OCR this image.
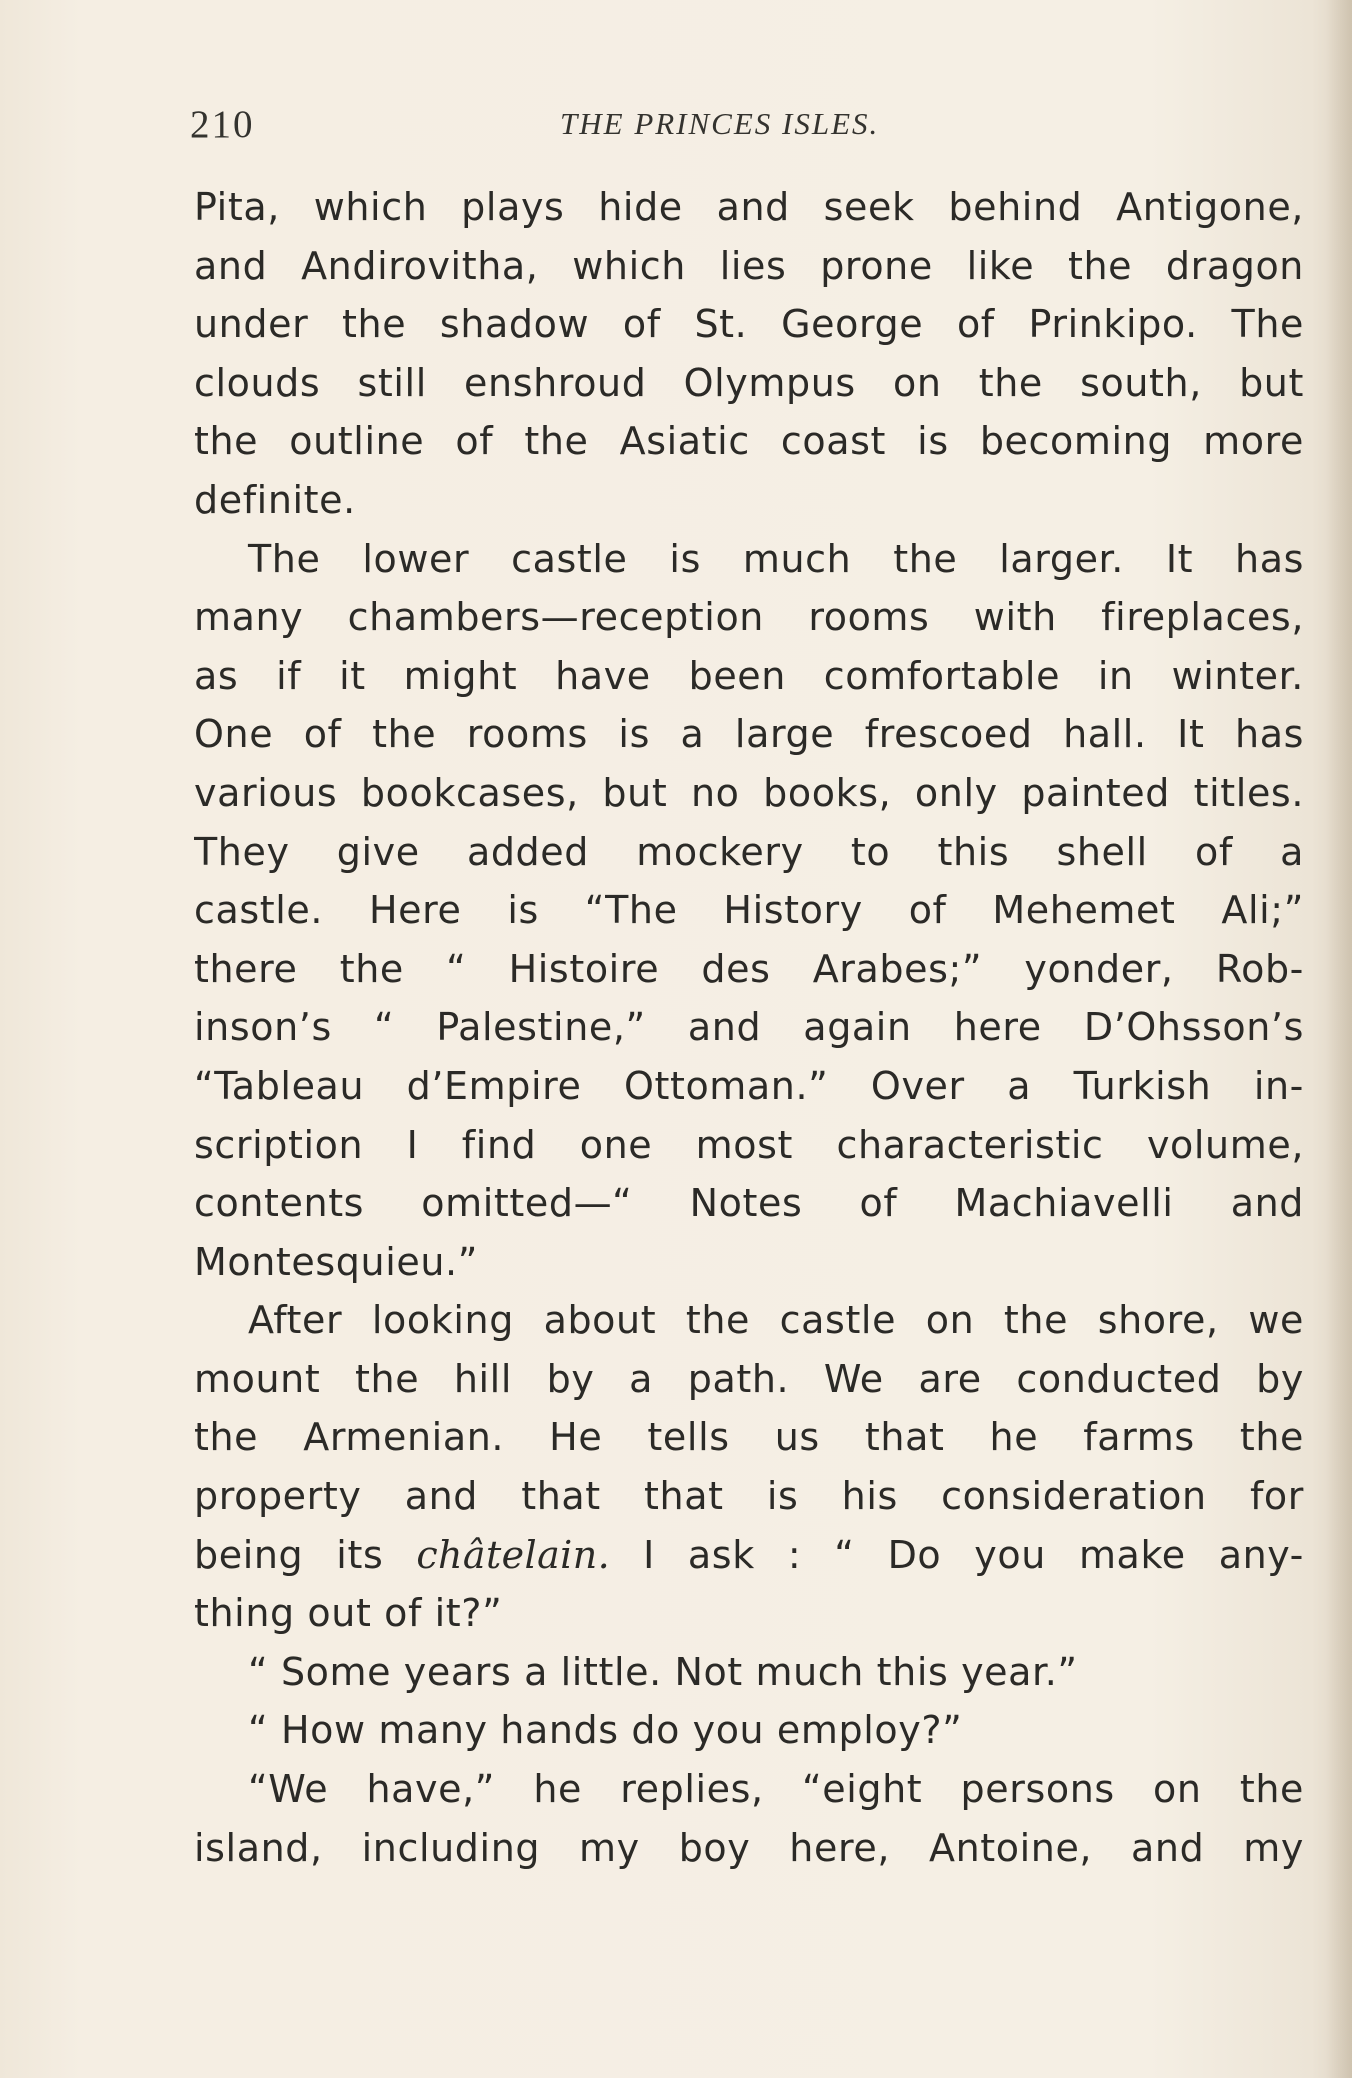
210	THE PRINCES ISLES.
Pita, which plays hide and seek behind Antigone,
and Andirovitha, which lies prone like the dragon
under the shadow of St. George of Prinkipo. The
clouds still enshroud Olympus on the south, but
the outline of the Asiatic coast is becoming more
definite.
The lower castle is much the larger. It has
many chambers—reception rooms with fireplaces,
as if it might have been comfortable in winter.
One of the rooms is a large frescoed hall. It has
various bookcases, but no books, only painted titles.
They give added mockery to this shell of a
castle. Here is “The History of Mehemet Ali;”
there the “ Histoire des Arabes;” yonder, Rob-
inson’s “ Palestine,” and again here D’Ohsson’s
“Tableau d’Empire Ottoman.” Over a Turkish in-
scription I find one most characteristic volume,
contents omitted—“ Notes of Machiavelli and
Montesquieu.”
After looking about the castle on the shore, we
mount the hill by a path. We are conducted by
the Armenian. He tells us that he farms the
property and that that is his consideration for
being its châtelain. I ask : “ Do you make any-
thing out of it?”
“ Some years a little. Not much this year.”
“ How many hands do you employ?”
“We have,” he replies, “eight persons on the
island, including my boy here, Antoine, and my
